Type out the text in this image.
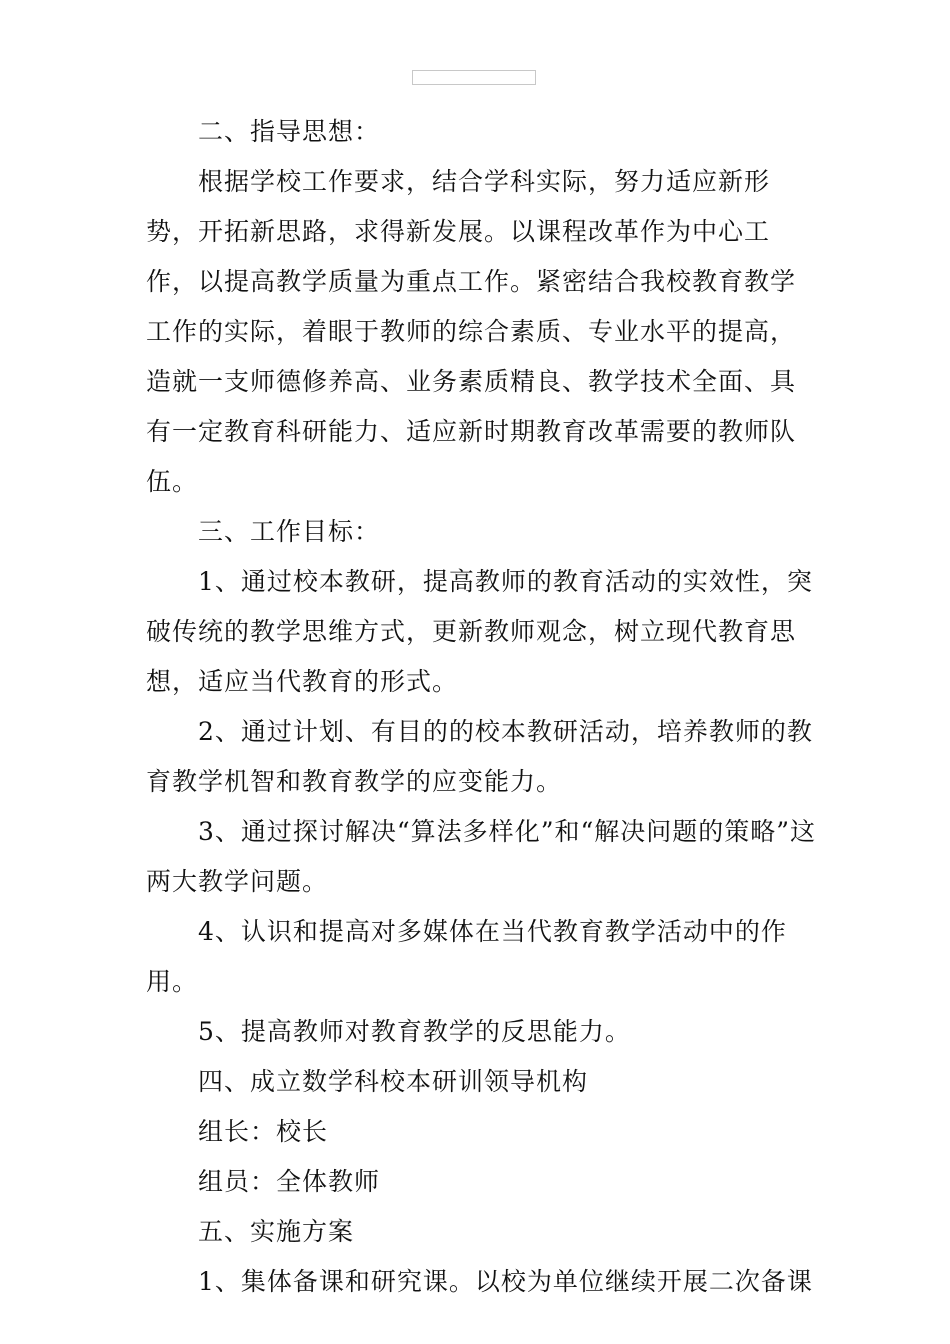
二、指导思想：

根据学校工作要求，结合学科实际，努力适应新形势，开拓新思路，求得新发展。以课程改革作为中心工作，以提高教学质量为重点工作。紧密结合我校教育教学工作的实际，着眼于教师的综合素质、专业水平的提高，造就一支师德修养高、业务素质精良、教学技术全面、具有一定教育科研能力、适应新时期教育改革需要的教师队伍。

三、工作目标：

1、通过校本教研，提高教师的教育活动的实效性，突破传统的教学思维方式，更新教师观念，树立现代教育思想，适应当代教育的形式。

2、通过计划、有目的的校本教研活动，培养教师的教育教学机智和教育教学的应变能力。

3、通过探讨解决“算法多样化”和“解决问题的策略”这两大教学问题。

4、认识和提高对多媒体在当代教育教学活动中的作用。

5、提高教师对教育教学的反思能力。

四、成立数学科校本研训领导机构

组长：校长

组员：全体教师

五、实施方案

1、集体备课和研究课。以校为单位继续开展二次备课
